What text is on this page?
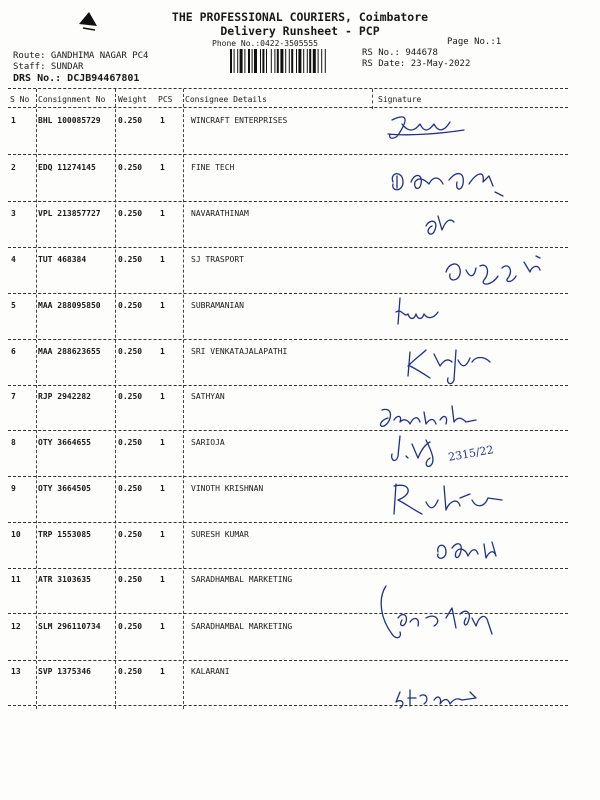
THE PROFESSIONAL COURIERS, Coimbatore
Delivery Runsheet - PCP
Phone No.:0422-3505555	Page No.:1
Route: GANDHIMA NAGAR PC4
Staff: SUNDAR
DRS No.: DCJB94467801
RS No.: 944678
RS Date: 23-May-2022
S No Consignment No Weight PCS Consignee Details	Signature
1	BHL 100085729 0.250 1	WINCRAFT ENTERPRISES
2	EDQ 11274145	0.250 1	FINE TECH
3	VPL 213857727 0.250 1	NAVARATHINAM
4	TUT 468384	0.250 1	SJ TRASPORT
5	MAA 288095850 0.250 1	SUBRAMANIAN
6	MAA 288623655 0.250 1	SRI VENKATAJALAPATHI
7	RJP 2942282	0.250 1	SATHYAN
8	OTY 3664655	0.250 1	SARIOJA
9	OTY 3664505	0.250 1	VINOTH KRISHNAN
10 TRP 1553085	0.250 1	SURESH KUMAR
11 ATR 3103635	0.250 1	SARADHAMBAL MARKETING
12 SLM 296110734 0.250 1	SARADHAMBAL MARKETING
13 SVP 1375346	0.250 1	KALARANI
2315/22
